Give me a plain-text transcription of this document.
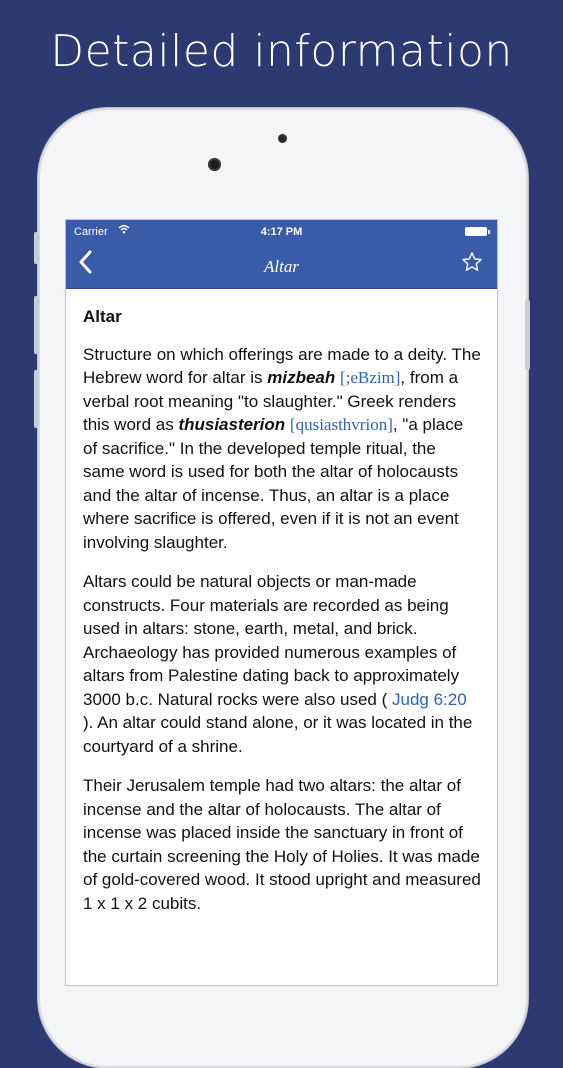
Detailed information
Carrier	4:17 PM
Altar
Altar

Structure on which offerings are made to a deity. The Hebrew word for altar is mizbeah [;eBzim], from a verbal root meaning "to slaughter." Greek renders this word as thusiasterion [qusiasthvrion], "a place of sacrifice." In the developed temple ritual, the same word is used for both the altar of holocausts and the altar of incense. Thus, an altar is a place where sacrifice is offered, even if it is not an event involving slaughter.

Altars could be natural objects or man-made constructs. Four materials are recorded as being used in altars: stone, earth, metal, and brick. Archaeology has provided numerous examples of altars from Palestine dating back to approximately 3000 b.c. Natural rocks were also used ( Judg 6:20 ). An altar could stand alone, or it was located in the courtyard of a shrine.

Their Jerusalem temple had two altars: the altar of incense and the altar of holocausts. The altar of incense was placed inside the sanctuary in front of the curtain screening the Holy of Holies. It was made of gold-covered wood. It stood upright and measured 1 x 1 x 2 cubits.
